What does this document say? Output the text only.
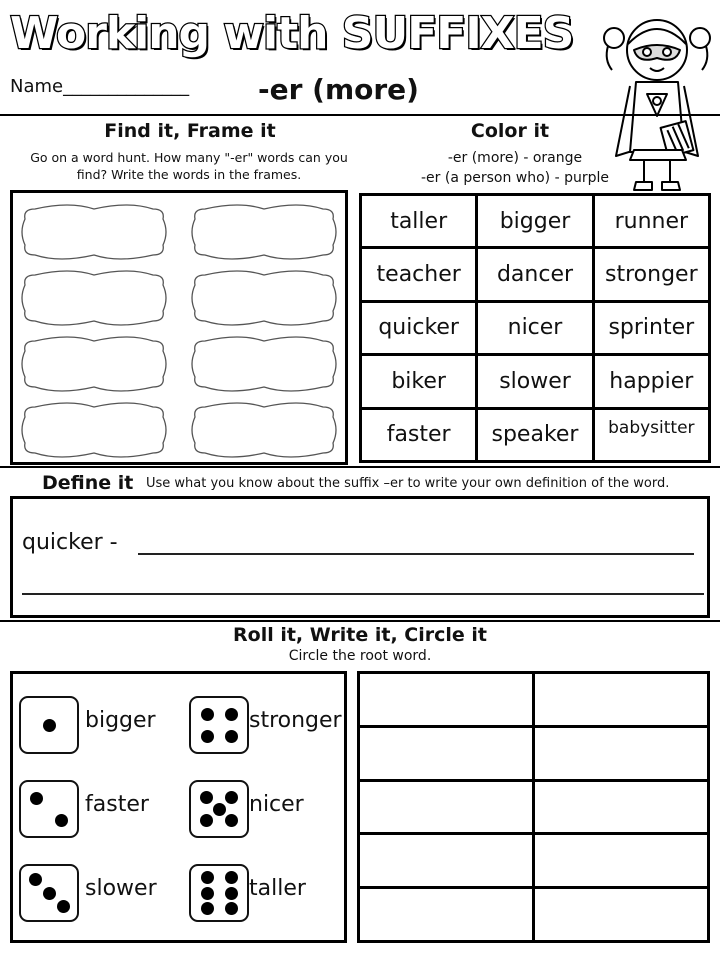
Working with SUFFIXES
Name______________ -er (more)
Find it, Frame it
Go on a word hunt. How many "-er" words can you find? Write the words in the frames.
Color it
-er (more) - orange
-er (a person who) - purple
taller	bigger	runner
teacher	dancer	stronger
quicker	nicer	sprinter
biker	slower	happier
faster	speaker	babysitter
Define it Use what you know about the suffix –er to write your own definition of the word.
quicker -
Roll it, Write it, Circle it
Circle the root word.
bigger	stronger
faster	nicer
slower	taller
